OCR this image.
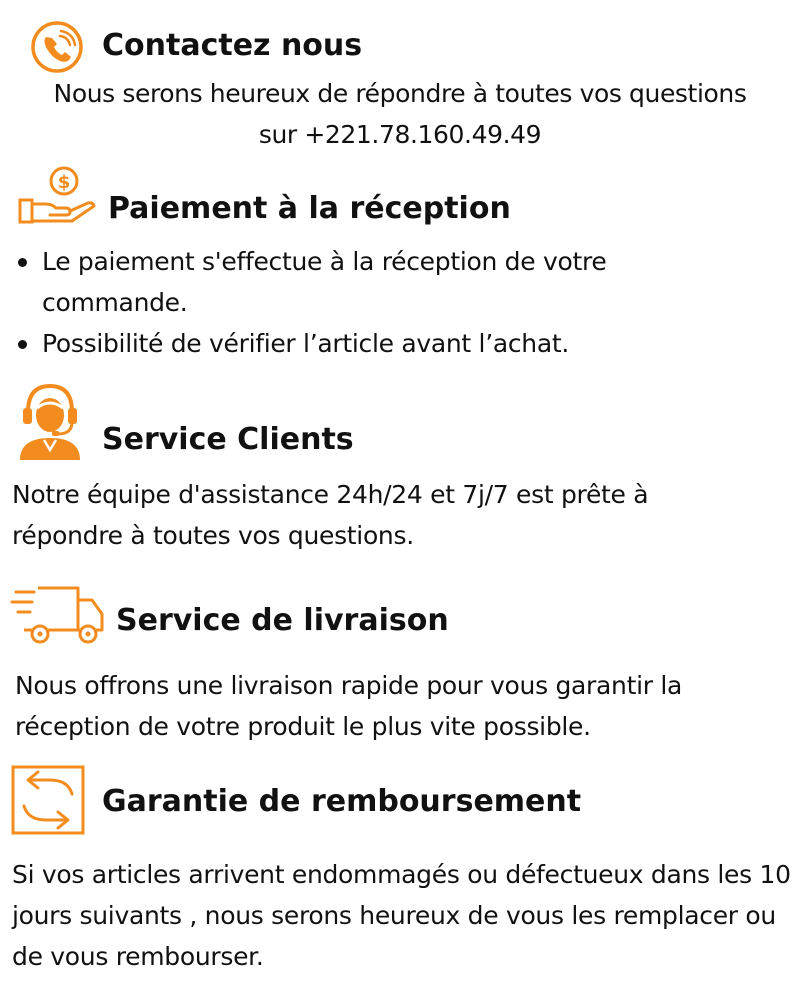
Contactez nous
Nous serons heureux de répondre à toutes vos questions
sur +221.78.160.49.49
$
Paiement à la réception
Le paiement s'effectue à la réception de votre commande.
Possibilité de vérifier l’article avant l’achat.
Service Clients
Notre équipe d'assistance 24h/24 et 7j/7 est prête à répondre à toutes vos questions.
Service de livraison
Nous offrons une livraison rapide pour vous garantir la réception de votre produit le plus vite possible.
Garantie de remboursement
Si vos articles arrivent endommagés ou défectueux dans les 10 jours suivants , nous serons heureux de vous les remplacer ou de vous rembourser.
